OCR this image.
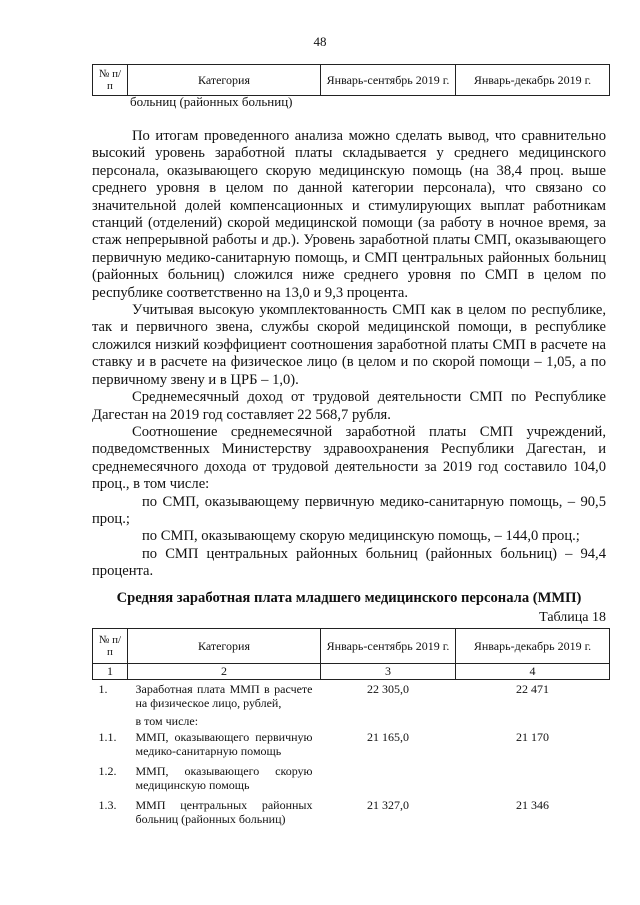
48
№ п/п	Категория	Январь-сентябрь 2019 г.	Январь-декабрь 2019 г.
больниц (районных больниц)

По итогам проведенного анализа можно сделать вывод, что сравнительно высокий уровень заработной платы складывается у среднего медицинского персонала, оказывающего скорую медицинскую помощь (на 38,4 проц. выше среднего уровня в целом по данной категории персонала), что связано со значительной долей компенсационных и стимулирующих выплат работникам станций (отделений) скорой медицинской помощи (за работу в ночное время, за стаж непрерывной работы и др.). Уровень заработной платы СМП, оказывающего первичную медико-санитарную помощь, и СМП центральных районных больниц (районных больниц) сложился ниже среднего уровня по СМП в целом по республике соответственно на 13,0 и 9,3 процента.

Учитывая высокую укомплектованность СМП как в целом по республике, так и первичного звена, службы скорой медицинской помощи, в республике сложился низкий коэффициент соотношения заработной платы СМП в расчете на ставку и в расчете на физическое лицо (в целом и по скорой помощи – 1,05, а по первичному звену и в ЦРБ – 1,0).

Среднемесячный доход от трудовой деятельности СМП по Республике Дагестан на 2019 год составляет 22 568,7 рубля.

Соотношение среднемесячной заработной платы СМП учреждений, подведомственных Министерству здравоохранения Республики Дагестан, и среднемесячного дохода от трудовой деятельности за 2019 год составило 104,0 проц., в том числе:

по СМП, оказывающему первичную медико-санитарную помощь, – 90,5 проц.;

по СМП, оказывающему скорую медицинскую помощь, – 144,0 проц.;

по СМП центральных районных больниц (районных больниц) – 94,4 процента.

Средняя заработная плата младшего медицинского персонала (ММП)
Таблица 18
№ п/п	Категория	Январь-сентябрь 2019 г.	Январь-декабрь 2019 г.
1	2	3	4
1.	Заработная плата ММП в расчете на физическое лицо, рублей,	22 305,0	22 471
	в том числе:		
1.1.	ММП, оказывающего первичную медико-санитарную помощь	21 165,0	21 170
1.2.	ММП, оказывающего скорую медицинскую помощь		
1.3.	ММП центральных районных больниц (районных больниц)	21 327,0	21 346
